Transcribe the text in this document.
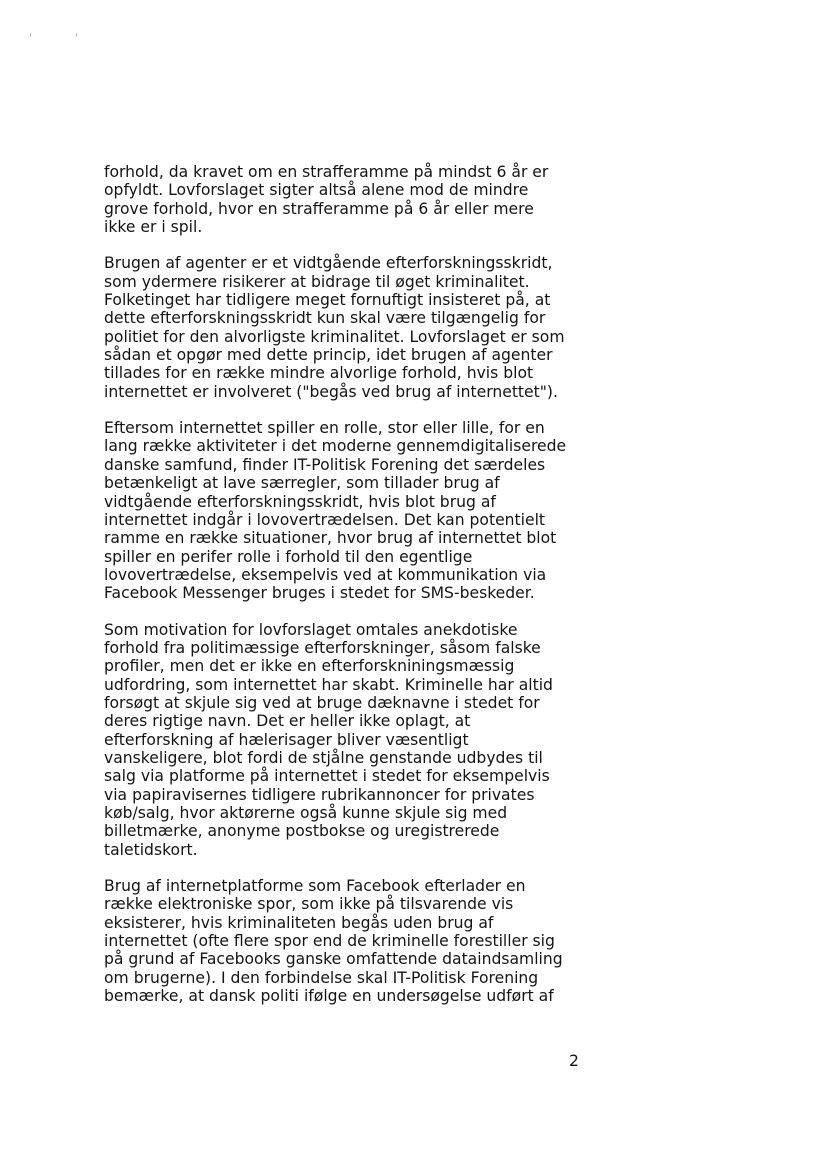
forhold, da kravet om en strafferamme på mindst 6 år er
opfyldt. Lovforslaget sigter altså alene mod de mindre
grove forhold, hvor en strafferamme på 6 år eller mere
ikke er i spil.
Brugen af agenter er et vidtgående efterforskningsskridt,
som ydermere risikerer at bidrage til øget kriminalitet.
Folketinget har tidligere meget fornuftigt insisteret på, at
dette efterforskningsskridt kun skal være tilgængelig for
politiet for den alvorligste kriminalitet. Lovforslaget er som
sådan et opgør med dette princip, idet brugen af agenter
tillades for en række mindre alvorlige forhold, hvis blot
internettet er involveret ("begås ved brug af internettet").
Eftersom internettet spiller en rolle, stor eller lille, for en
lang række aktiviteter i det moderne gennemdigitaliserede
danske samfund, finder IT-Politisk Forening det særdeles
betænkeligt at lave særregler, som tillader brug af
vidtgående efterforskningsskridt, hvis blot brug af
internettet indgår i lovovertrædelsen. Det kan potentielt
ramme en række situationer, hvor brug af internettet blot
spiller en perifer rolle i forhold til den egentlige
lovovertrædelse, eksempelvis ved at kommunikation via
Facebook Messenger bruges i stedet for SMS-beskeder.
Som motivation for lovforslaget omtales anekdotiske
forhold fra politimæssige efterforskninger, såsom falske
profiler, men det er ikke en efterforskniningsmæssig
udfordring, som internettet har skabt. Kriminelle har altid
forsøgt at skjule sig ved at bruge dæknavne i stedet for
deres rigtige navn. Det er heller ikke oplagt, at
efterforskning af hælerisager bliver væsentligt
vanskeligere, blot fordi de stjålne genstande udbydes til
salg via platforme på internettet i stedet for eksempelvis
via papiravisernes tidligere rubrikannoncer for privates
køb/salg, hvor aktørerne også kunne skjule sig med
billetmærke, anonyme postbokse og uregistrerede
taletidskort.
Brug af internetplatforme som Facebook efterlader en
række elektroniske spor, som ikke på tilsvarende vis
eksisterer, hvis kriminaliteten begås uden brug af
internettet (ofte flere spor end de kriminelle forestiller sig
på grund af Facebooks ganske omfattende dataindsamling
om brugerne). I den forbindelse skal IT-Politisk Forening
bemærke, at dansk politi ifølge en undersøgelse udført af
2
